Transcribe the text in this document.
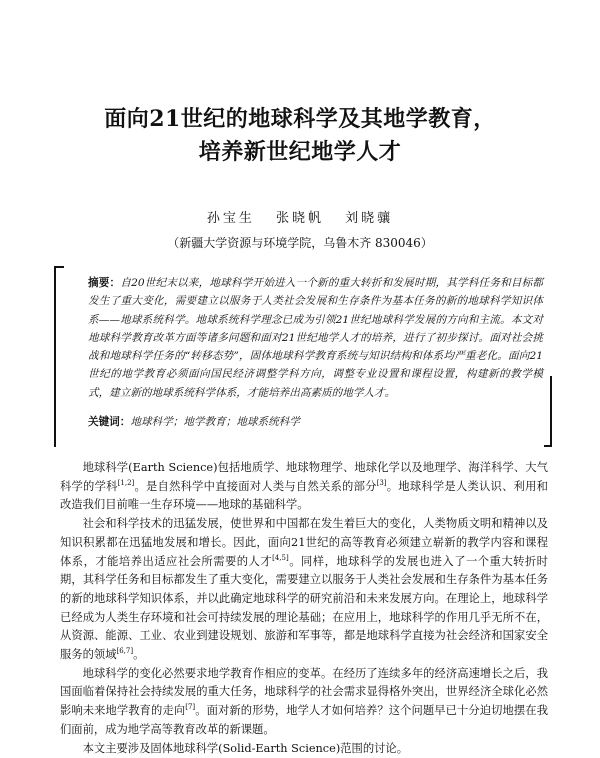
面向21世纪的地球科学及其地学教育，
培养新世纪地学人才
孙宝生 张晓帆 刘晓骧
（新疆大学资源与环境学院，乌鲁木齐 830046）
摘要：自20世纪末以来，地球科学开始进入一个新的重大转折和发展时期，其学科任务和目标都发生了重大变化，需要建立以服务于人类社会发展和生存条件为基本任务的新的地球科学知识体系——地球系统科学。地球系统科学理念已成为引领21世纪地球科学发展的方向和主流。本文对地球科学教育改革方面等诸多问题和面对21世纪地学人才的培养，进行了初步探讨。面对社会挑战和地球科学任务的“转移态势”，固体地球科学教育系统与知识结构和体系均严重老化。面向21世纪的地学教育必须面向国民经济调整学科方向，调整专业设置和课程设置，构建新的教学模式，建立新的地球系统科学体系，才能培养出高素质的地学人才。
关键词：地球科学；地学教育；地球系统科学

地球科学(Earth Science)包括地质学、地球物理学、地球化学以及地理学、海洋科学、大气科学的学科[1,2]。是自然科学中直接面对人类与自然关系的部分[3]。地球科学是人类认识、利用和改造我们目前唯一生存环境——地球的基础科学。

社会和科学技术的迅猛发展，使世界和中国都在发生着巨大的变化，人类物质文明和精神以及知识积累都在迅猛地发展和增长。因此，面向21世纪的高等教育必须建立崭新的教学内容和课程体系，才能培养出适应社会所需要的人才[4,5]。同样，地球科学的发展也进入了一个重大转折时期，其科学任务和目标都发生了重大变化，需要建立以服务于人类社会发展和生存条件为基本任务的新的地球科学知识体系，并以此确定地球科学的研究前沿和未来发展方向。在理论上，地球科学已经成为人类生存环境和社会可持续发展的理论基础；在应用上，地球科学的作用几乎无所不在，从资源、能源、工业、农业到建设规划、旅游和军事等，都是地球科学直接为社会经济和国家安全服务的领域[6,7]。

地球科学的变化必然要求地学教育作相应的变革。在经历了连续多年的经济高速增长之后，我国面临着保持社会持续发展的重大任务，地球科学的社会需求显得格外突出，世界经济全球化必然影响未来地学教育的走向[7]。面对新的形势，地学人才如何培养？这个问题早已十分迫切地摆在我们面前，成为地学高等教育改革的新课题。

本文主要涉及固体地球科学(Solid-Earth Science)范围的讨论。
